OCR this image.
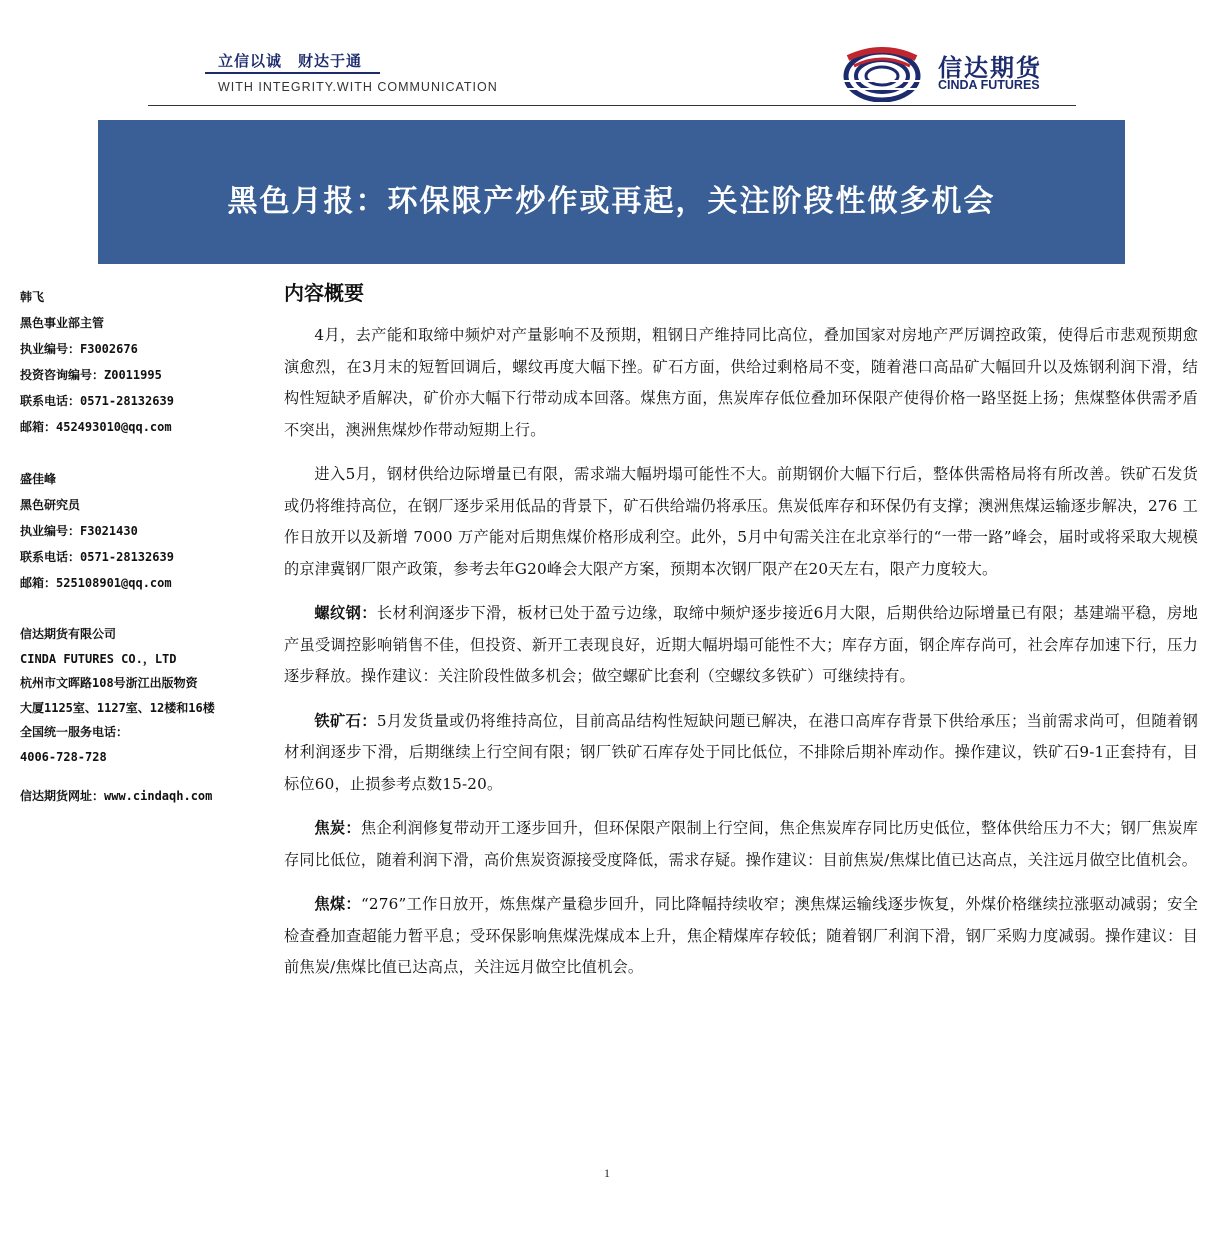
立信以诚　财达于通
WITH INTEGRITY.WITH COMMUNICATION
信达期货
CINDA FUTURES
黑色月报：环保限产炒作或再起，关注阶段性做多机会
韩飞
黑色事业部主管
执业编号：F3002676
投资咨询编号：Z0011995
联系电话：0571-28132639
邮箱：452493010@qq.com
盛佳峰
黑色研究员
执业编号：F3021430
联系电话：0571-28132639
邮箱：525108901@qq.com
信达期货有限公司
CINDA FUTURES CO.，LTD
杭州市文晖路108号浙江出版物资
大厦1125室、1127室、12楼和16楼
全国统一服务电话：
4006-728-728
信达期货网址：www.cindaqh.com
内容概要

4月，去产能和取缔中频炉对产量影响不及预期，粗钢日产维持同比高位，叠加国家对房地产严厉调控政策，使得后市悲观预期愈演愈烈，在3月末的短暂回调后，螺纹再度大幅下挫。矿石方面，供给过剩格局不变，随着港口高品矿大幅回升以及炼钢利润下滑，结构性短缺矛盾解决，矿价亦大幅下行带动成本回落。煤焦方面，焦炭库存低位叠加环保限产使得价格一路坚挺上扬；焦煤整体供需矛盾不突出，澳洲焦煤炒作带动短期上行。

进入5月，钢材供给边际增量已有限，需求端大幅坍塌可能性不大。前期钢价大幅下行后，整体供需格局将有所改善。铁矿石发货或仍将维持高位，在钢厂逐步采用低品的背景下，矿石供给端仍将承压。焦炭低库存和环保仍有支撑；澳洲焦煤运输逐步解决，276 工作日放开以及新增 7000 万产能对后期焦煤价格形成利空。此外，5月中旬需关注在北京举行的“一带一路”峰会，届时或将采取大规模的京津冀钢厂限产政策，参考去年G20峰会大限产方案，预期本次钢厂限产在20天左右，限产力度较大。

螺纹钢：长材利润逐步下滑，板材已处于盈亏边缘，取缔中频炉逐步接近6月大限，后期供给边际增量已有限；基建端平稳，房地产虽受调控影响销售不佳，但投资、新开工表现良好，近期大幅坍塌可能性不大；库存方面，钢企库存尚可，社会库存加速下行，压力逐步释放。操作建议：关注阶段性做多机会；做空螺矿比套利（空螺纹多铁矿）可继续持有。

铁矿石：5月发货量或仍将维持高位，目前高品结构性短缺问题已解决，在港口高库存背景下供给承压；当前需求尚可，但随着钢材利润逐步下滑，后期继续上行空间有限；钢厂铁矿石库存处于同比低位，不排除后期补库动作。操作建议，铁矿石9-1正套持有，目标位60，止损参考点数15-20。

焦炭：焦企利润修复带动开工逐步回升，但环保限产限制上行空间，焦企焦炭库存同比历史低位，整体供给压力不大；钢厂焦炭库存同比低位，随着利润下滑，高价焦炭资源接受度降低，需求存疑。操作建议：目前焦炭/焦煤比值已达高点，关注远月做空比值机会。

焦煤：“276”工作日放开，炼焦煤产量稳步回升，同比降幅持续收窄；澳焦煤运输线逐步恢复，外煤价格继续拉涨驱动减弱；安全检查叠加查超能力暂平息；受环保影响焦煤洗煤成本上升，焦企精煤库存较低；随着钢厂利润下滑，钢厂采购力度减弱。操作建议：目前焦炭/焦煤比值已达高点，关注远月做空比值机会。

1
